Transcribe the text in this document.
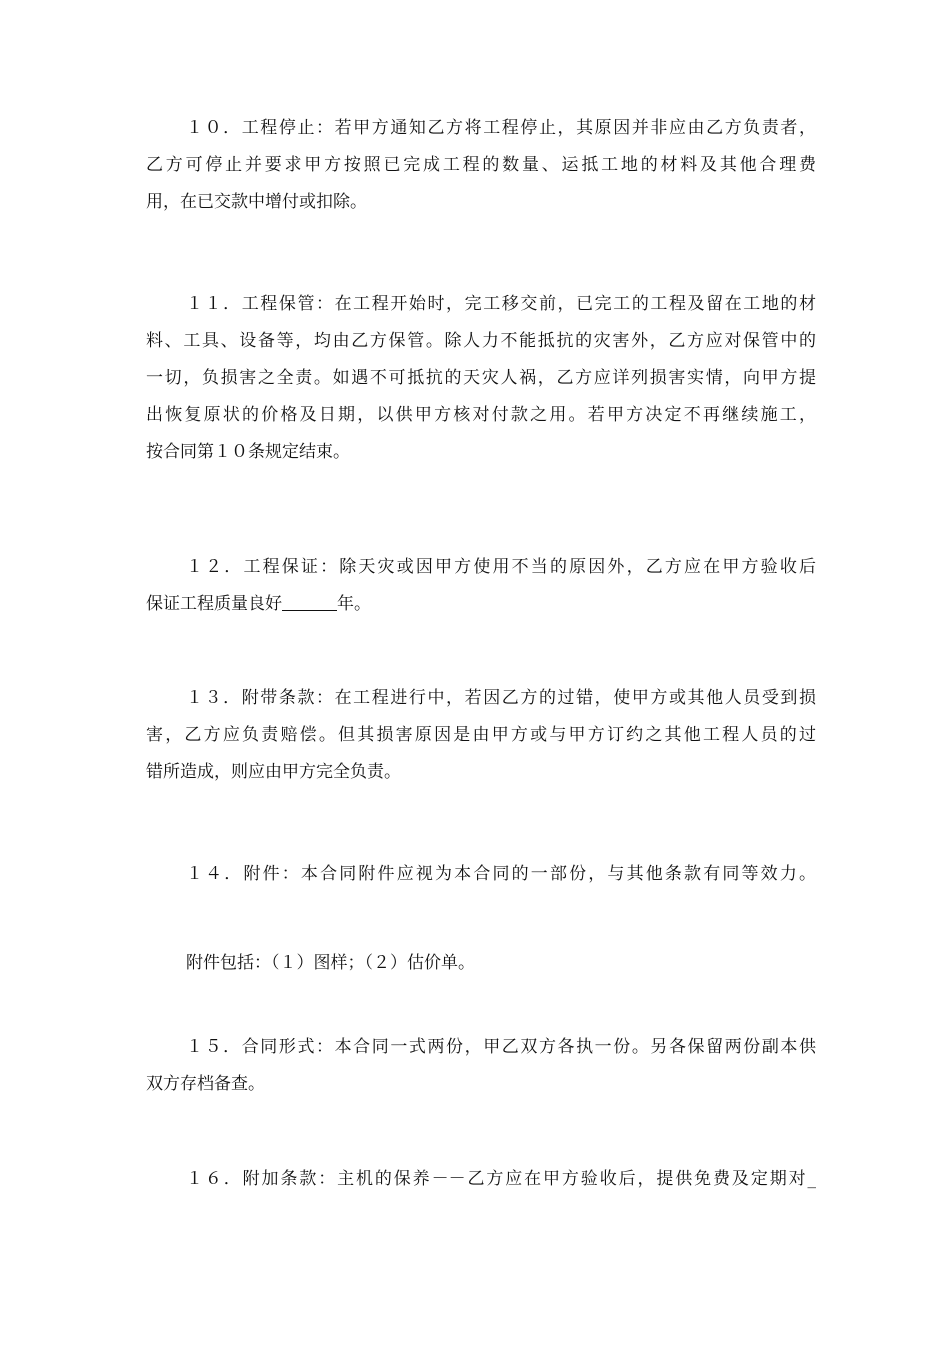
１０．工程停止：若甲方通知乙方将工程停止，其原因并非应由乙方负责者，
乙方可停止并要求甲方按照已完成工程的数量、运抵工地的材料及其他合理费
用，在已交款中增付或扣除。
１１．工程保管：在工程开始时，完工移交前，已完工的工程及留在工地的材
料、工具、设备等，均由乙方保管。除人力不能抵抗的灾害外，乙方应对保管中的
一切，负损害之全责。如遇不可抵抗的天灾人祸，乙方应详列损害实情，向甲方提
出恢复原状的价格及日期，以供甲方核对付款之用。若甲方决定不再继续施工，
按合同第１０条规定结束。
１２．工程保证：除天灾或因甲方使用不当的原因外，乙方应在甲方验收后
保证工程质量良好	年。
１３．附带条款：在工程进行中，若因乙方的过错，使甲方或其他人员受到损
害，乙方应负责赔偿。但其损害原因是由甲方或与甲方订约之其他工程人员的过
错所造成，则应由甲方完全负责。
１４．附件：本合同附件应视为本合同的一部份，与其他条款有同等效力。
附件包括：（１）图样；（２）估价单。
１５．合同形式：本合同一式两份，甲乙双方各执一份。另各保留两份副本供
双方存档备查。
１６．附加条款：主机的保养－－乙方应在甲方验收后，提供免费及定期对_
